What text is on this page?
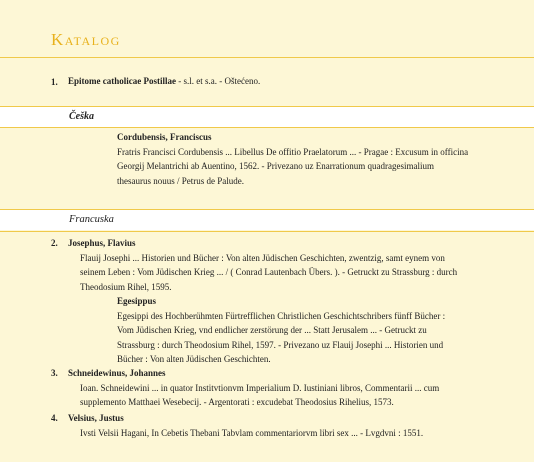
Katalog
1. Epitome catholicae Postillae - s.l. et s.a. - Oštećeno.
Češka
Cordubensis, Franciscus
Fratris Francisci Cordubensis ... Libellus De offitio Praelatorum ... - Pragae : Excusum in officina
Georgij Melantrichi ab Auentino, 1562. - Privezano uz Enarrationum quadragesimalium
thesaurus nouus / Petrus de Palude.
Francuska
2. Josephus, Flavius
Flauij Josephi ... Historien und Bücher : Von alten Jüdischen Geschichten, zwentzig, samt eynem von
seinem Leben : Vom Jüdischen Krieg ... / ( Conrad Lautenbach Übers. ). - Getruckt zu Strassburg : durch
Theodosium Rihel, 1595.
Egesippus
Egesippi des Hochberühmten Fürtrefflichen Christlichen Geschichtschribers fünff Bücher :
Vom Jüdischen Krieg, vnd endlicher zerstörung der ... Statt Jerusalem ... - Getruckt zu
Strassburg : durch Theodosium Rihel, 1597. - Privezano uz Flauij Josephi ... Historien und
Bücher : Von alten Jüdischen Geschichten.
3. Schneidewinus, Johannes
Ioan. Schneidewini ... in quator Institvtionvm Imperialium D. Iustiniani libros, Commentarii ... cum
supplemento Matthaei Wesebecij. - Argentorati : excudebat Theodosius Rihelius, 1573.
4. Velsius, Justus
Ivsti Velsii Hagani, In Cebetis Thebani Tabvlam commentariorvm libri sex ... - Lvgdvni : 1551.
